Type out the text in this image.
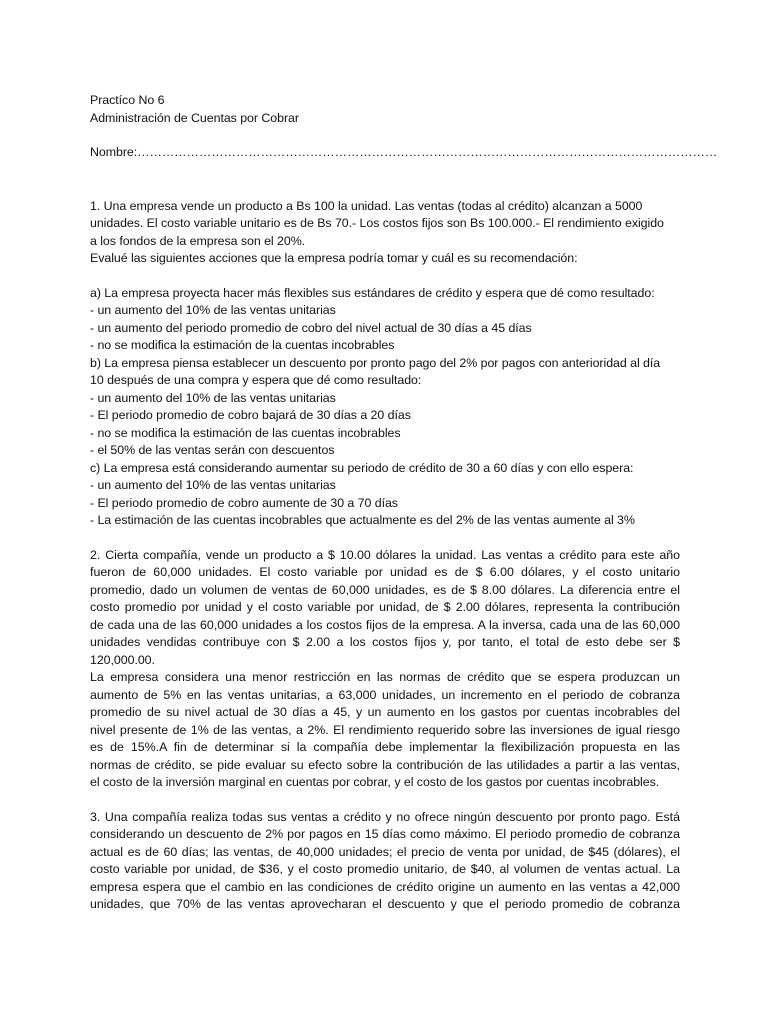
Practíco No 6
Administración de Cuentas por Cobrar
Nombre:……………………………………………………………………………………………………………………………
1. Una empresa vende un producto a Bs 100 la unidad. Las ventas (todas al crédito) alcanzan a 5000
unidades. El costo variable unitario es de Bs 70.- Los costos fijos son Bs 100.000.- El rendimiento exigido
a los fondos de la empresa son el 20%.
Evalué las siguientes acciones que la empresa podría tomar y cuál es su recomendación:
a) La empresa proyecta hacer más flexibles sus estándares de crédito y espera que dé como resultado:
- un aumento del 10% de las ventas unitarias
- un aumento del periodo promedio de cobro del nivel actual de 30 días a 45 días
- no se modifica la estimación de la cuentas incobrables
b) La empresa piensa establecer un descuento por pronto pago del 2% por pagos con anterioridad al día
10 después de una compra y espera que dé como resultado:
- un aumento del 10% de las ventas unitarias
- El periodo promedio de cobro bajará de 30 días a 20 días
- no se modifica la estimación de las cuentas incobrables
- el 50% de las ventas serán con descuentos
c) La empresa está considerando aumentar su periodo de crédito de 30 a 60 días y con ello espera:
- un aumento del 10% de las ventas unitarias
- El periodo promedio de cobro aumente de 30 a 70 días
- La estimación de las cuentas incobrables que actualmente es del 2% de las ventas aumente al 3%
2. Cierta compañía, vende un producto a $ 10.00 dólares la unidad. Las ventas a crédito para este año
fueron de 60,000 unidades. El costo variable por unidad es de $ 6.00 dólares, y el costo unitario
promedio, dado un volumen de ventas de 60,000 unidades, es de $ 8.00 dólares. La diferencia entre el
costo promedio por unidad y el costo variable por unidad, de $ 2.00 dólares, representa la contribución
de cada una de las 60,000 unidades a los costos fijos de la empresa. A la inversa, cada una de las 60,000
unidades vendidas contribuye con $ 2.00 a los costos fijos y, por tanto, el total de esto debe ser $
120,000.00.
La empresa considera una menor restricción en las normas de crédito que se espera produzcan un
aumento de 5% en las ventas unitarias, a 63,000 unidades, un incremento en el periodo de cobranza
promedio de su nivel actual de 30 días a 45, y un aumento en los gastos por cuentas incobrables del
nivel presente de 1% de las ventas, a 2%. El rendimiento requerido sobre las inversiones de igual riesgo
es de 15%.A fin de determinar si la compañía debe implementar la flexibilización propuesta en las
normas de crédito, se pide evaluar su efecto sobre la contribución de las utilidades a partir a las ventas,
el costo de la inversión marginal en cuentas por cobrar, y el costo de los gastos por cuentas incobrables.
3. Una compañía realiza todas sus ventas a crédito y no ofrece ningún descuento por pronto pago. Está
considerando un descuento de 2% por pagos en 15 días como máximo. El periodo promedio de cobranza
actual es de 60 días; las ventas, de 40,000 unidades; el precio de venta por unidad, de $45 (dólares), el
costo variable por unidad, de $36, y el costo promedio unitario, de $40, al volumen de ventas actual. La
empresa espera que el cambio en las condiciones de crédito origine un aumento en las ventas a 42,000
unidades, que 70% de las ventas aprovecharan el descuento y que el periodo promedio de cobranza
